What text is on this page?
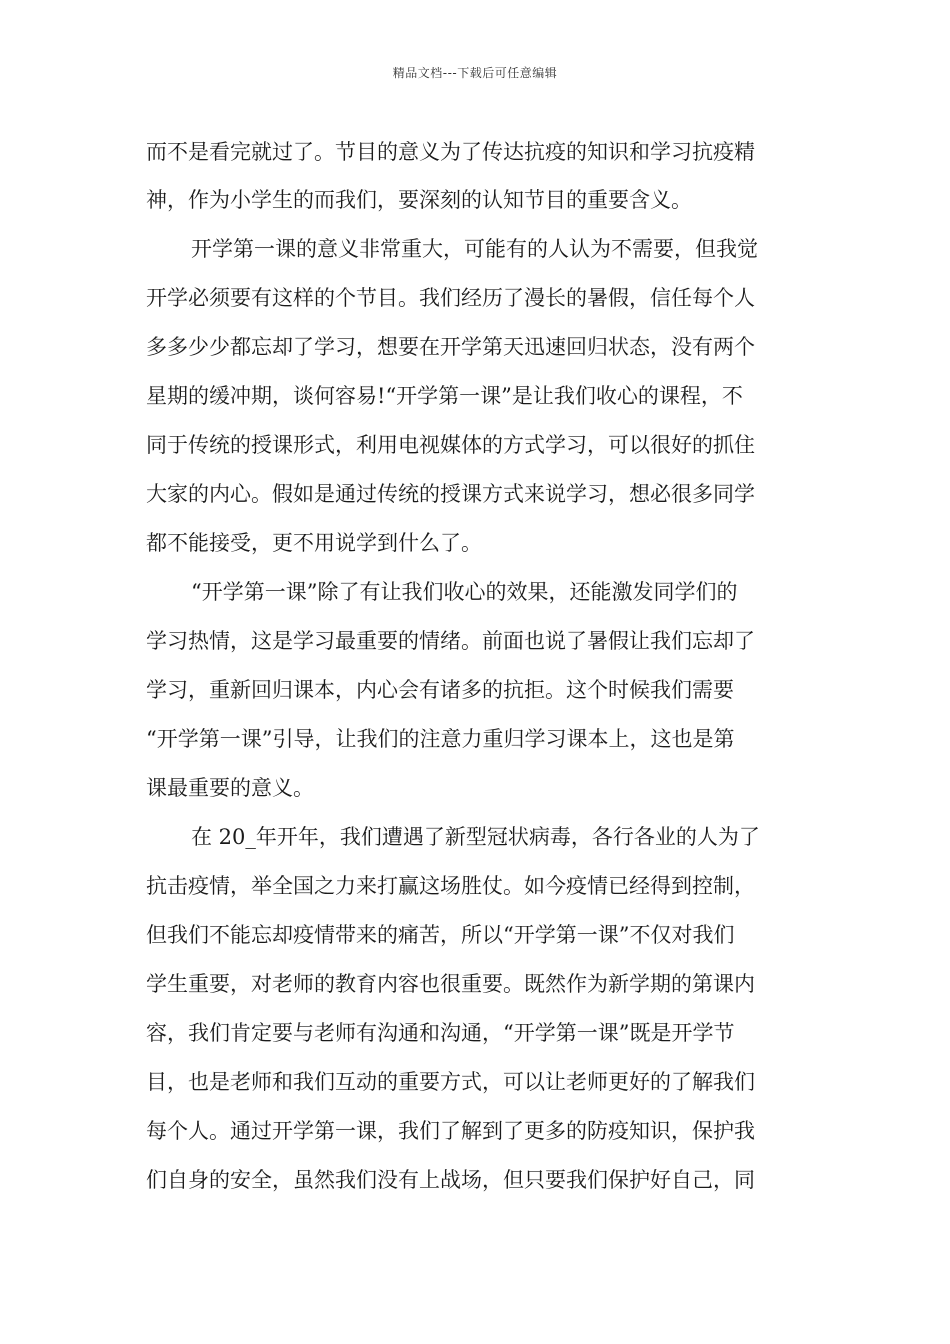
精品文档---下载后可任意编辑
而不是看完就过了。节目的意义为了传达抗疫的知识和学习抗疫精
神，作为小学生的而我们，要深刻的认知节目的重要含义。
开学第一课的意义非常重大，可能有的人认为不需要，但我觉
开学必须要有这样的个节目。我们经历了漫长的暑假，信任每个人
多多少少都忘却了学习，想要在开学第天迅速回归状态，没有两个
星期的缓冲期，谈何容易!“开学第一课”是让我们收心的课程，不
同于传统的授课形式，利用电视媒体的方式学习，可以很好的抓住
大家的内心。假如是通过传统的授课方式来说学习，想必很多同学
都不能接受，更不用说学到什么了。
“开学第一课”除了有让我们收心的效果，还能激发同学们的
学习热情，这是学习最重要的情绪。前面也说了暑假让我们忘却了
学习，重新回归课本，内心会有诸多的抗拒。这个时候我们需要
“开学第一课”引导，让我们的注意力重归学习课本上，这也是第
课最重要的意义。
在 20_年开年，我们遭遇了新型冠状病毒，各行各业的人为了
抗击疫情，举全国之力来打赢这场胜仗。如今疫情已经得到控制，
但我们不能忘却疫情带来的痛苦，所以“开学第一课”不仅对我们
学生重要，对老师的教育内容也很重要。既然作为新学期的第课内
容，我们肯定要与老师有沟通和沟通，“开学第一课”既是开学节
目，也是老师和我们互动的重要方式，可以让老师更好的了解我们
每个人。通过开学第一课，我们了解到了更多的防疫知识，保护我
们自身的安全，虽然我们没有上战场，但只要我们保护好自己，同
